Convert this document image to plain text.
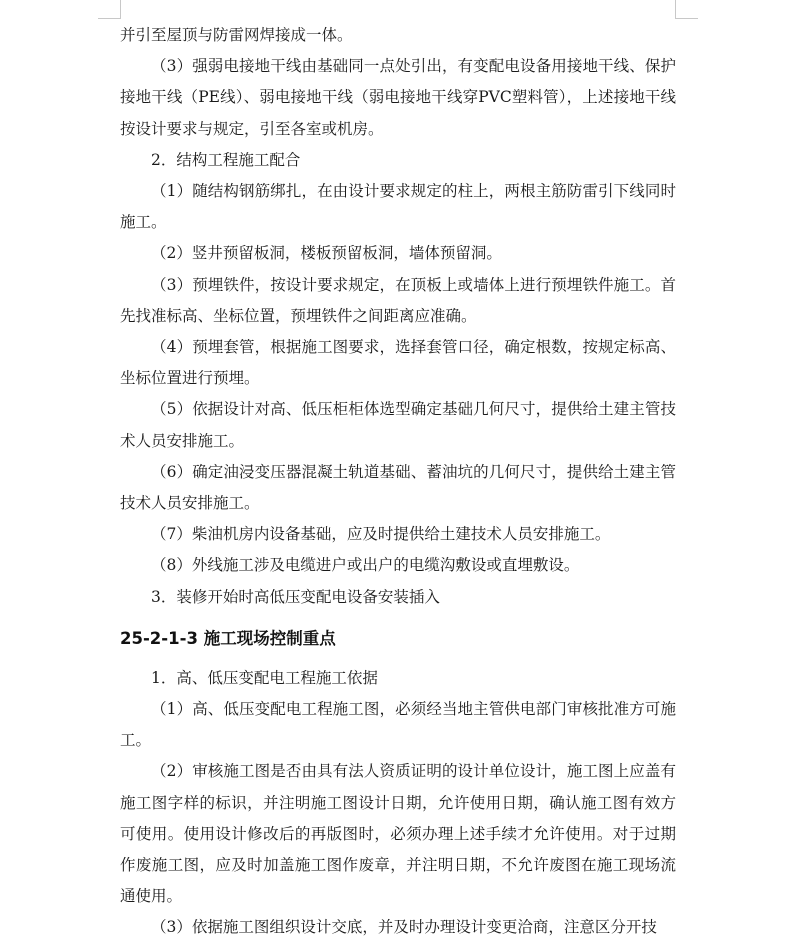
并引至屋顶与防雷网焊接成一体。

（3）强弱电接地干线由基础同一点处引出，有变配电设备用接地干线、保护接地干线（PE线）、弱电接地干线（弱电接地干线穿PVC塑料管），上述接地干线按设计要求与规定，引至各室或机房。

2．结构工程施工配合

（1）随结构钢筋绑扎，在由设计要求规定的柱上，两根主筋防雷引下线同时施工。

（2）竖井预留板洞，楼板预留板洞，墙体预留洞。

（3）预埋铁件，按设计要求规定，在顶板上或墙体上进行预埋铁件施工。首先找准标高、坐标位置，预埋铁件之间距离应准确。

（4）预埋套管，根据施工图要求，选择套管口径，确定根数，按规定标高、坐标位置进行预埋。

（5）依据设计对高、低压柜柜体选型确定基础几何尺寸，提供给土建主管技术人员安排施工。

（6）确定油浸变压器混凝土轨道基础、蓄油坑的几何尺寸，提供给土建主管技术人员安排施工。

（7）柴油机房内设备基础，应及时提供给土建技术人员安排施工。

（8）外线施工涉及电缆进户或出户的电缆沟敷设或直埋敷设。

3．装修开始时高低压变配电设备安装插入

25-2-1-3 施工现场控制重点

1．高、低压变配电工程施工依据

（1）高、低压变配电工程施工图，必须经当地主管供电部门审核批准方可施工。

（2）审核施工图是否由具有法人资质证明的设计单位设计，施工图上应盖有施工图字样的标识，并注明施工图设计日期，允许使用日期，确认施工图有效方可使用。使用设计修改后的再版图时，必须办理上述手续才允许使用。对于过期作废施工图，应及时加盖施工图作废章，并注明日期，不允许废图在施工现场流通使用。

（3）依据施工图组织设计交底，并及时办理设计变更洽商，注意区分开技
